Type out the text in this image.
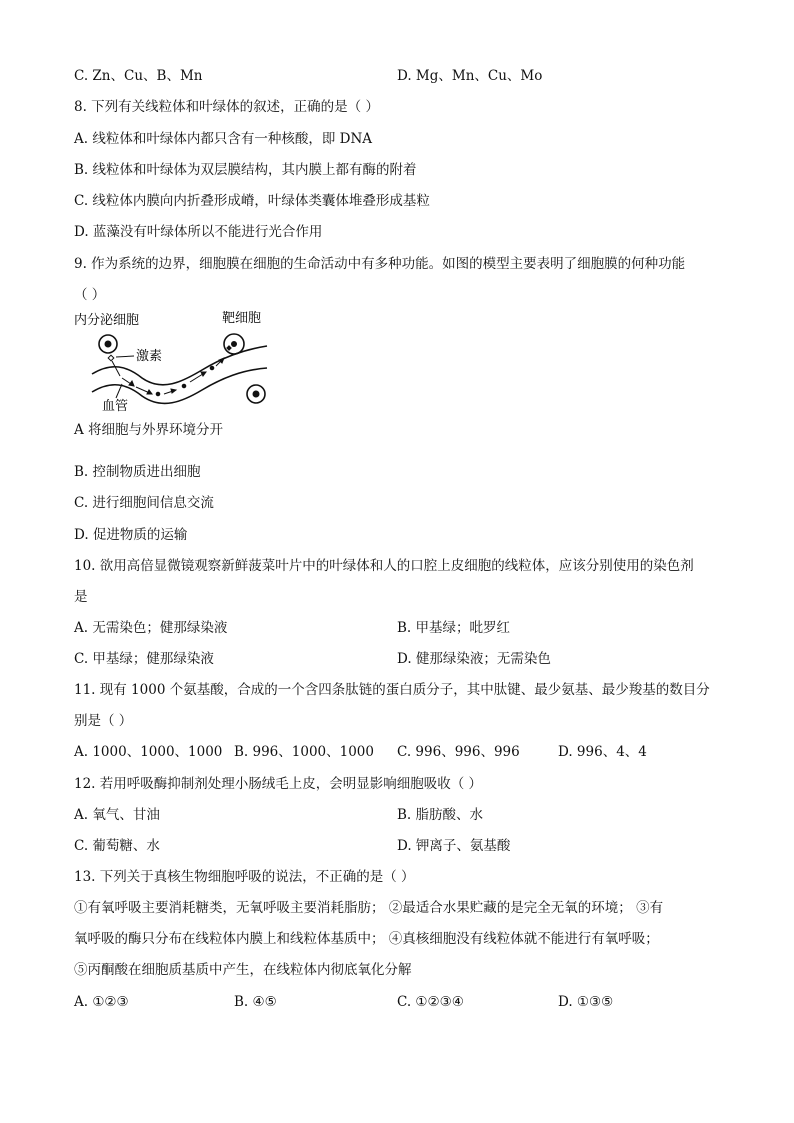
C. Zn、Cu、B、Mn	D. Mg、Mn、Cu、Mo
8. 下列有关线粒体和叶绿体的叙述，正确的是（ ）
A. 线粒体和叶绿体内都只含有一种核酸，即 DNA
B. 线粒体和叶绿体为双层膜结构，其内膜上都有酶的附着
C. 线粒体内膜向内折叠形成嵴，叶绿体类囊体堆叠形成基粒
D. 蓝藻没有叶绿体所以不能进行光合作用
9. 作为系统的边界，细胞膜在细胞的生命活动中有多种功能。如图的模型主要表明了细胞膜的何种功能
（ ）
内分泌细胞	靶细胞
激素
血管
A 将细胞与外界环境分开
B. 控制物质进出细胞
C. 进行细胞间信息交流
D. 促进物质的运输
10. 欲用高倍显微镜观察新鲜菠菜叶片中的叶绿体和人的口腔上皮细胞的线粒体，应该分别使用的染色剂
是
A. 无需染色；健那绿染液	B. 甲基绿；吡罗红
C. 甲基绿；健那绿染液	D. 健那绿染液；无需染色
11. 现有 1000 个氨基酸，合成的一个含四条肽链的蛋白质分子，其中肽键、最少氨基、最少羧基的数目分
别是（ ）
A. 1000、1000、1000 B. 996、1000、1000 C. 996、996、996	D. 996、4、4
12. 若用呼吸酶抑制剂处理小肠绒毛上皮，会明显影响细胞吸收（ ）
A. 氧气、甘油	B. 脂肪酸、水
C. 葡萄糖、水	D. 钾离子、氨基酸
13. 下列关于真核生物细胞呼吸的说法，不正确的是（ ）
①有氧呼吸主要消耗糖类，无氧呼吸主要消耗脂肪； ②最适合水果贮藏的是完全无氧的环境； ③有
氧呼吸的酶只分布在线粒体内膜上和线粒体基质中； ④真核细胞没有线粒体就不能进行有氧呼吸；
⑤丙酮酸在细胞质基质中产生，在线粒体内彻底氧化分解
A. ①②③	B. ④⑤	C. ①②③④	D. ①③⑤
